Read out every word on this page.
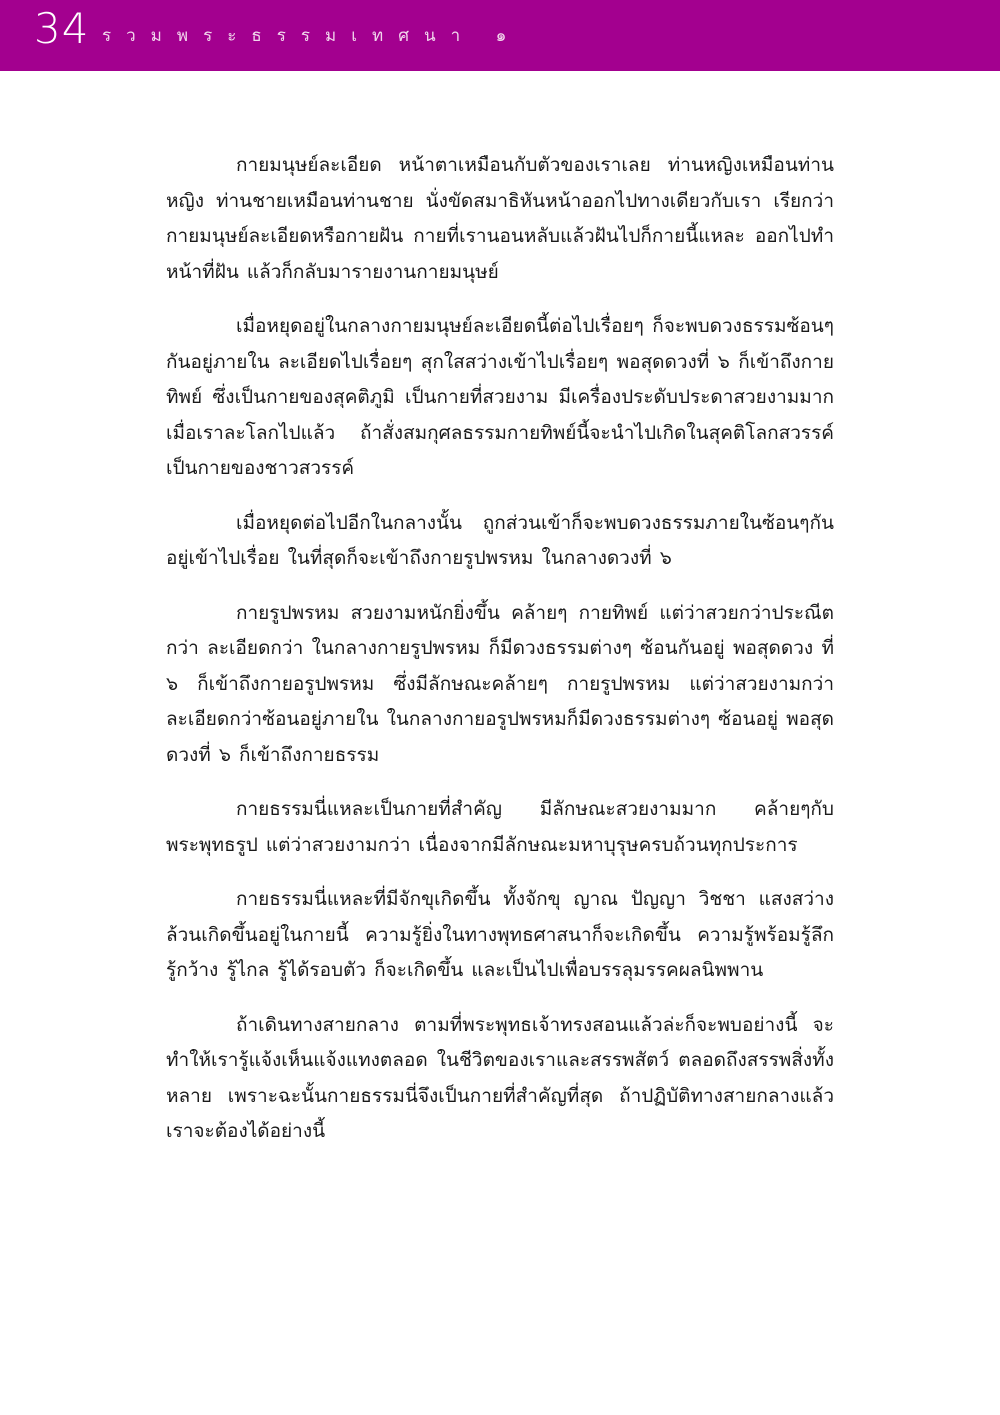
34 รวมพระธรรมเทศนา ๑

กายมนุษย์ละเอียด หน้าตาเหมือนกับตัวของเราเลย ท่านหญิงเหมือนท่านหญิง ท่านชายเหมือนท่านชาย นั่งขัดสมาธิหันหน้าออกไปทางเดียวกับเรา เรียกว่ากายมนุษย์ละเอียดหรือกายฝัน กายที่เรานอนหลับแล้วฝันไปก็กายนี้แหละ ออกไปทำหน้าที่ฝัน แล้วก็กลับมารายงานกายมนุษย์

เมื่อหยุดอยู่ในกลางกายมนุษย์ละเอียดนี้ต่อไปเรื่อยๆ ก็จะพบดวงธรรมซ้อนๆ กันอยู่ภายใน ละเอียดไปเรื่อยๆ สุกใสสว่างเข้าไปเรื่อยๆ พอสุดดวงที่ ๖ ก็เข้าถึงกายทิพย์ ซึ่งเป็นกายของสุคติภูมิ เป็นกายที่สวยงาม มีเครื่องประดับประดาสวยงามมาก เมื่อเราละโลกไปแล้ว ถ้าสั่งสมกุศลธรรมกายทิพย์นี้จะนำไปเกิดในสุคติโลกสวรรค์ เป็นกายของชาวสวรรค์

เมื่อหยุดต่อไปอีกในกลางนั้น ถูกส่วนเข้าก็จะพบดวงธรรมภายในซ้อนๆกันอยู่เข้าไปเรื่อย ในที่สุดก็จะเข้าถึงกายรูปพรหม ในกลางดวงที่ ๖

กายรูปพรหม สวยงามหนักยิ่งขึ้น คล้ายๆ กายทิพย์ แต่ว่าสวยกว่าประณีตกว่า ละเอียดกว่า ในกลางกายรูปพรหม ก็มีดวงธรรมต่างๆ ซ้อนกันอยู่ พอสุดดวง ที่ ๖ ก็เข้าถึงกายอรูปพรหม ซึ่งมีลักษณะคล้ายๆ กายรูปพรหม แต่ว่าสวยงามกว่า ละเอียดกว่าซ้อนอยู่ภายใน ในกลางกายอรูปพรหมก็มีดวงธรรมต่างๆ ซ้อนอยู่ พอสุด ดวงที่ ๖ ก็เข้าถึงกายธรรม

กายธรรมนี่แหละเป็นกายที่สำคัญ มีลักษณะสวยงามมาก คล้ายๆกับพระพุทธรูป แต่ว่าสวยงามกว่า เนื่องจากมีลักษณะมหาบุรุษครบถ้วนทุกประการ

กายธรรมนี่แหละที่มีจักขุเกิดขึ้น ทั้งจักขุ ญาณ ปัญญา วิชชา แสงสว่างล้วนเกิดขึ้นอยู่ในกายนี้ ความรู้ยิ่งในทางพุทธศาสนาก็จะเกิดขึ้น ความรู้พร้อมรู้ลึก รู้กว้าง รู้ไกล รู้ได้รอบตัว ก็จะเกิดขึ้น และเป็นไปเพื่อบรรลุมรรคผลนิพพาน

ถ้าเดินทางสายกลาง ตามที่พระพุทธเจ้าทรงสอนแล้วล่ะก็จะพบอย่างนี้ จะทำให้เรารู้แจ้งเห็นแจ้งแทงตลอด ในชีวิตของเราและสรรพสัตว์ ตลอดถึงสรรพสิ่งทั้งหลาย เพราะฉะนั้นกายธรรมนี่จึงเป็นกายที่สำคัญที่สุด ถ้าปฏิบัติทางสายกลางแล้ว เราจะต้องได้อย่างนี้
